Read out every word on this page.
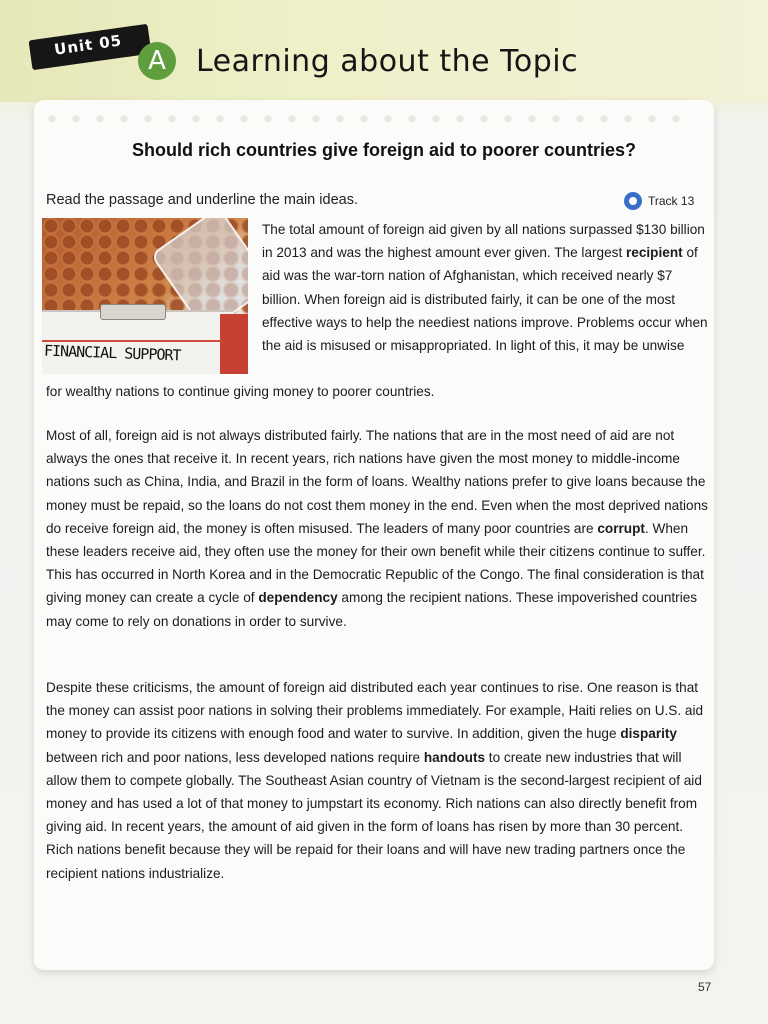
Unit 05
A	Learning about the Topic
Should rich countries give foreign aid to poorer countries?
Read the passage and underline the main ideas.	Track 13
FINANCIAL SUPPORT

The total amount of foreign aid given by all nations surpassed $130 billion in 2013 and was the highest amount ever given. The largest recipient of aid was the war-torn nation of Afghanistan, which received nearly $7 billion. When foreign aid is distributed fairly, it can be one of the most effective ways to help the neediest nations improve. Problems occur when the aid is misused or misappropriated. In light of this, it may be unwise

for wealthy nations to continue giving money to poorer countries.

Most of all, foreign aid is not always distributed fairly. The nations that are in the most need of aid are not always the ones that receive it. In recent years, rich nations have given the most money to middle-income nations such as China, India, and Brazil in the form of loans. Wealthy nations prefer to give loans because the money must be repaid, so the loans do not cost them money in the end. Even when the most deprived nations do receive foreign aid, the money is often misused. The leaders of many poor countries are corrupt. When these leaders receive aid, they often use the money for their own benefit while their citizens continue to suffer. This has occurred in North Korea and in the Democratic Republic of the Congo. The final consideration is that giving money can create a cycle of dependency among the recipient nations. These impoverished countries may come to rely on donations in order to survive.

Despite these criticisms, the amount of foreign aid distributed each year continues to rise. One reason is that the money can assist poor nations in solving their problems immediately. For example, Haiti relies on U.S. aid money to provide its citizens with enough food and water to survive. In addition, given the huge disparity between rich and poor nations, less developed nations require handouts to create new industries that will allow them to compete globally. The Southeast Asian country of Vietnam is the second-largest recipient of aid money and has used a lot of that money to jumpstart its economy. Rich nations can also directly benefit from giving aid. In recent years, the amount of aid given in the form of loans has risen by more than 30 percent. Rich nations benefit because they will be repaid for their loans and will have new trading partners once the recipient nations industrialize.

57
